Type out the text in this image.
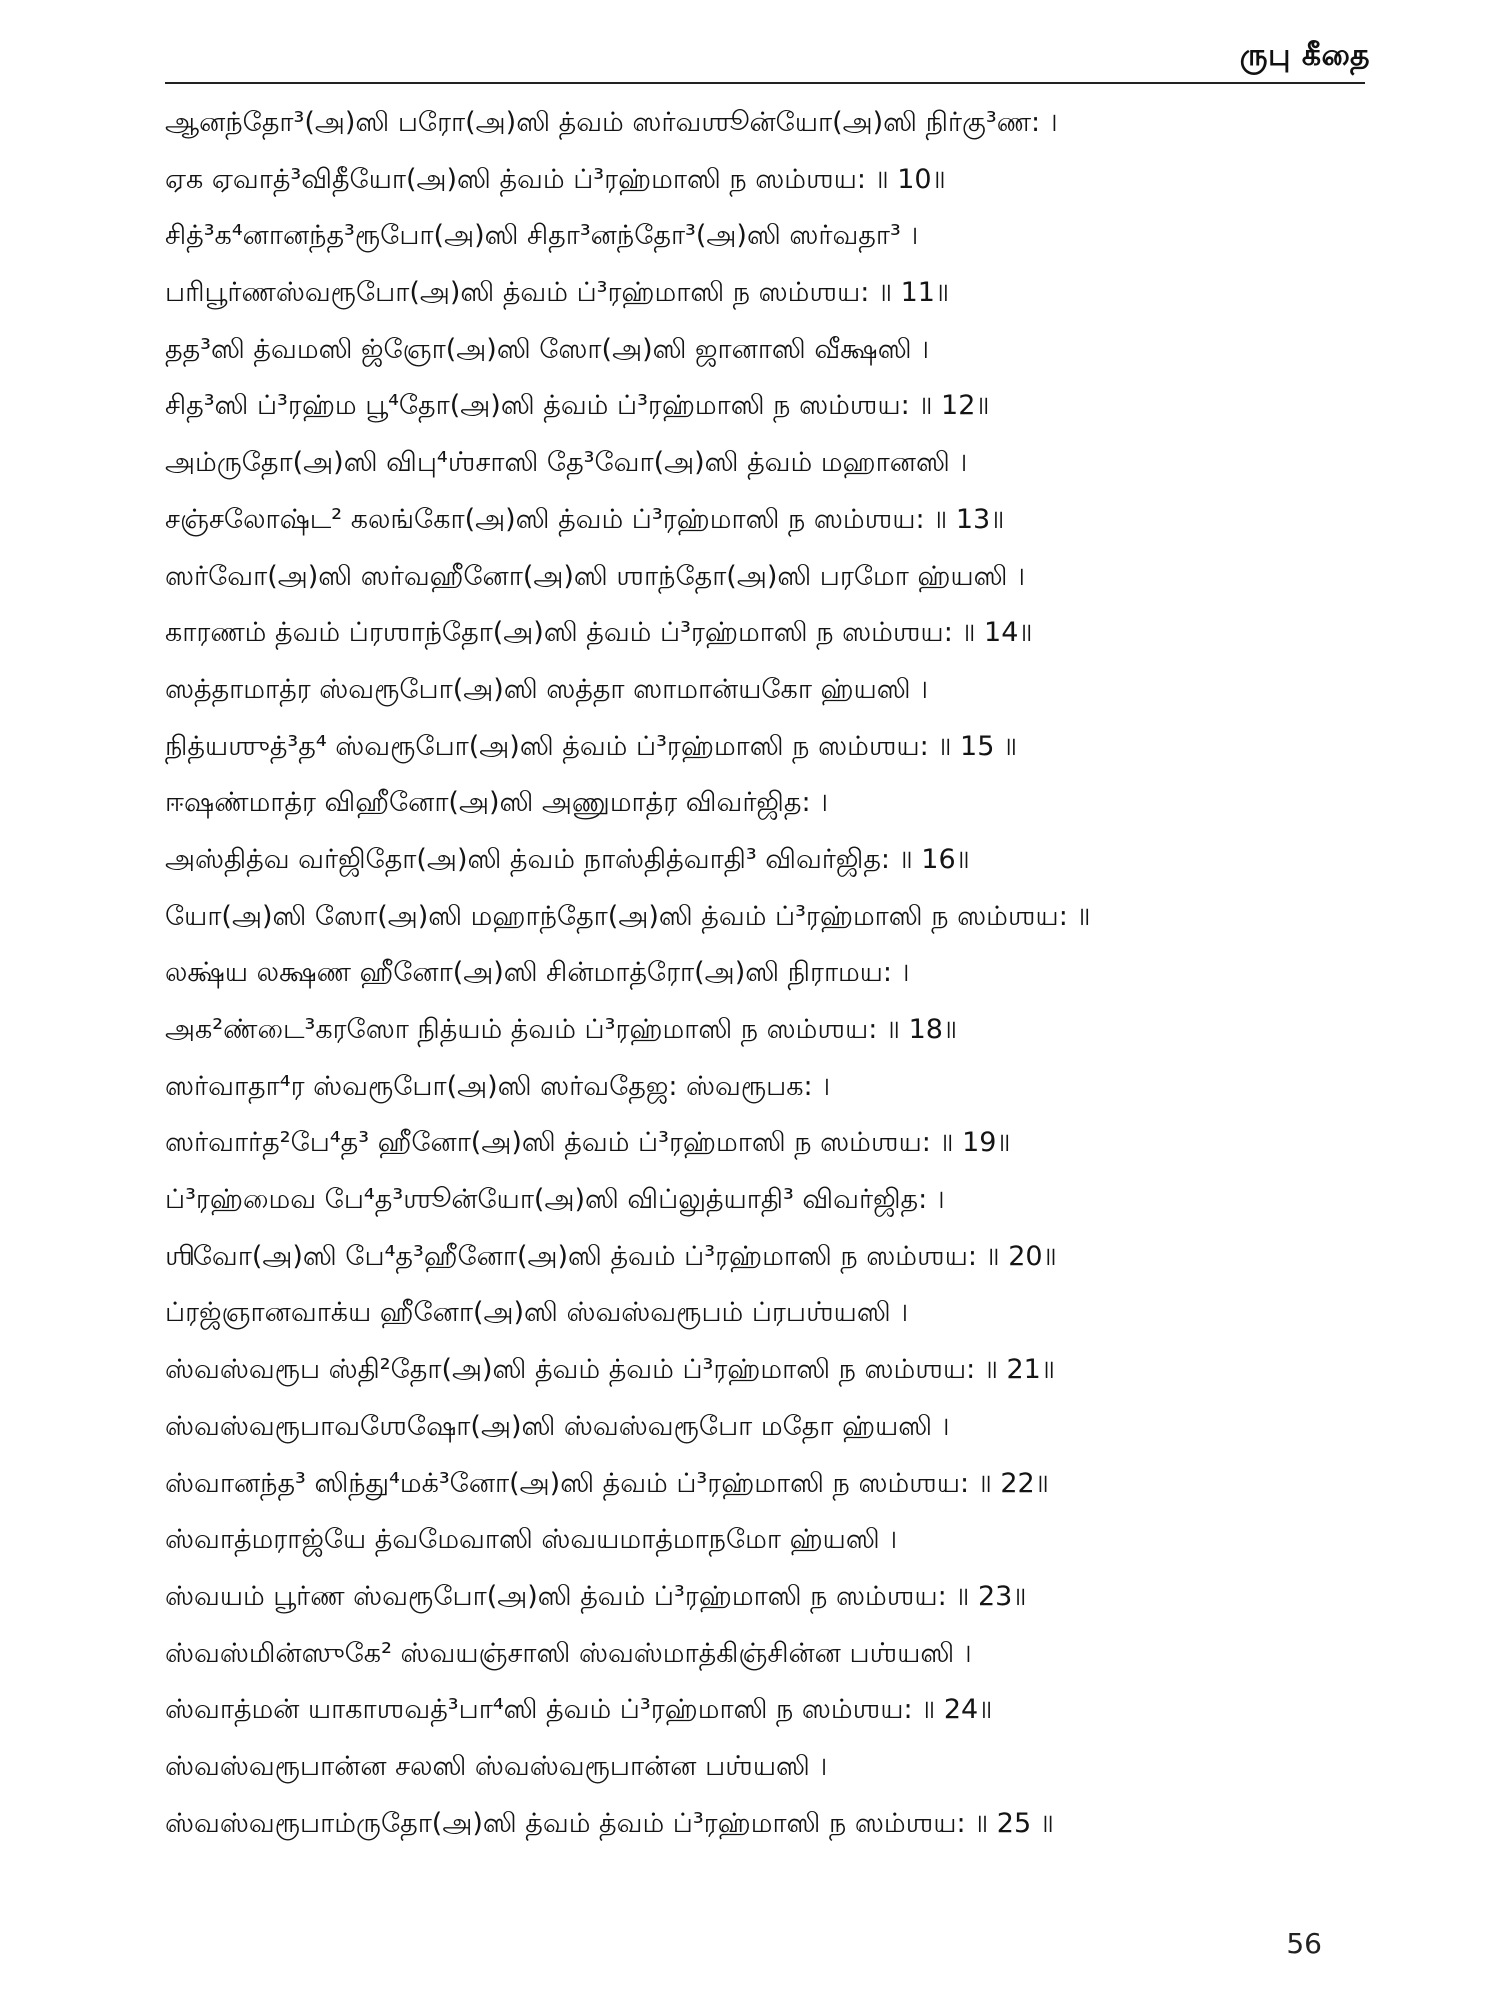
ருபு கீதை
ஆனந்தோ³(அ)ஸி பரோ(அ)ஸி த்வம் ஸர்வஶூன்யோ(அ)ஸி நிர்கு³ண꞉ ।
ஏக ஏவாத்³விதீயோ(அ)ஸி த்வம் ப்³ரஹ்மாஸி ந ஸம்ஶய꞉ ॥ 10॥
சித்³க⁴னானந்த³ரூபோ(அ)ஸி சிதா³னந்தோ³(அ)ஸி ஸர்வதா³ ।
பரிபூர்ணஸ்வரூபோ(அ)ஸி த்வம் ப்³ரஹ்மாஸி ந ஸம்ஶய꞉ ॥ 11॥
தத³ஸி த்வமஸி ஜ்ஞோ(அ)ஸி ஸோ(அ)ஸி ஜானாஸி வீக்ஷஸி ।
சித³ஸி ப்³ரஹ்ம பூ⁴தோ(அ)ஸி த்வம் ப்³ரஹ்மாஸி ந ஸம்ஶய꞉ ॥ 12॥
அம்ருதோ(அ)ஸி விபு⁴ஶ்சாஸி தே³வோ(அ)ஸி த்வம் மஹானஸி ।
சஞ்சலோஷ்ட² கலங்கோ(அ)ஸி த்வம் ப்³ரஹ்மாஸி ந ஸம்ஶய꞉ ॥ 13॥
ஸர்வோ(அ)ஸி ஸர்வஹீனோ(அ)ஸி ஶாந்தோ(அ)ஸி பரமோ ஹ்யஸி ।
காரணம் த்வம் ப்ரஶாந்தோ(அ)ஸி த்வம் ப்³ரஹ்மாஸி ந ஸம்ஶய꞉ ॥ 14॥
ஸத்தாமாத்ர ஸ்வரூபோ(அ)ஸி ஸத்தா ஸாமான்யகோ ஹ்யஸி ।
நித்யஶுத்³த⁴ ஸ்வரூபோ(அ)ஸி த்வம் ப்³ரஹ்மாஸி ந ஸம்ஶய꞉ ॥ 15 ॥
ஈஷண்மாத்ர விஹீனோ(அ)ஸி அணுமாத்ர விவர்ஜித꞉ ।
அஸ்தித்வ வர்ஜிதோ(அ)ஸி த்வம் நாஸ்தித்வாதி³ விவர்ஜித꞉ ॥ 16॥
யோ(அ)ஸி ஸோ(அ)ஸி மஹாந்தோ(அ)ஸி த்வம் ப்³ரஹ்மாஸி ந ஸம்ஶய꞉ ॥
லக்ஷ்ய லக்ஷண ஹீனோ(அ)ஸி சின்மாத்ரோ(அ)ஸி நிராமய꞉ ।
அக²ண்டை³கரஸோ நித்யம் த்வம் ப்³ரஹ்மாஸி ந ஸம்ஶய꞉ ॥ 18॥
ஸர்வாதா⁴ர ஸ்வரூபோ(அ)ஸி ஸர்வதேஜ꞉ ஸ்வரூபக꞉ ।
ஸர்வார்த²பே⁴த³ ஹீனோ(அ)ஸி த்வம் ப்³ரஹ்மாஸி ந ஸம்ஶய꞉ ॥ 19॥
ப்³ரஹ்மைவ பே⁴த³ஶூன்யோ(அ)ஸி விப்லுத்யாதி³ விவர்ஜித꞉ ।
ஶிவோ(அ)ஸி பே⁴த³ஹீனோ(அ)ஸி த்வம் ப்³ரஹ்மாஸி ந ஸம்ஶய꞉ ॥ 20॥
ப்ரஜ்ஞானவாக்ய ஹீனோ(அ)ஸி ஸ்வஸ்வரூபம் ப்ரபஶ்யஸி ।
ஸ்வஸ்வரூப ஸ்தி²தோ(அ)ஸி த்வம் த்வம் ப்³ரஹ்மாஸி ந ஸம்ஶய꞉ ॥ 21॥
ஸ்வஸ்வரூபாவஶேஷோ(அ)ஸி ஸ்வஸ்வரூபோ மதோ ஹ்யஸி ।
ஸ்வானந்த³ ஸிந்து⁴மக்³னோ(அ)ஸி த்வம் ப்³ரஹ்மாஸி ந ஸம்ஶய꞉ ॥ 22॥
ஸ்வாத்மராஜ்யே த்வமேவாஸி ஸ்வயமாத்மாநமோ ஹ்யஸி ।
ஸ்வயம் பூர்ண ஸ்வரூபோ(அ)ஸி த்வம் ப்³ரஹ்மாஸி ந ஸம்ஶய꞉ ॥ 23॥
ஸ்வஸ்மின்ஸுகே² ஸ்வயஞ்சாஸி ஸ்வஸ்மாத்கிஞ்சின்ன பஶ்யஸி ।
ஸ்வாத்மன் யாகாஶவத்³பா⁴ஸி த்வம் ப்³ரஹ்மாஸி ந ஸம்ஶய꞉ ॥ 24॥
ஸ்வஸ்வரூபான்ன சலஸி ஸ்வஸ்வரூபான்ன பஶ்யஸி ।
ஸ்வஸ்வரூபாம்ருதோ(அ)ஸி த்வம் த்வம் ப்³ரஹ்மாஸி ந ஸம்ஶய꞉ ॥ 25 ॥
56
